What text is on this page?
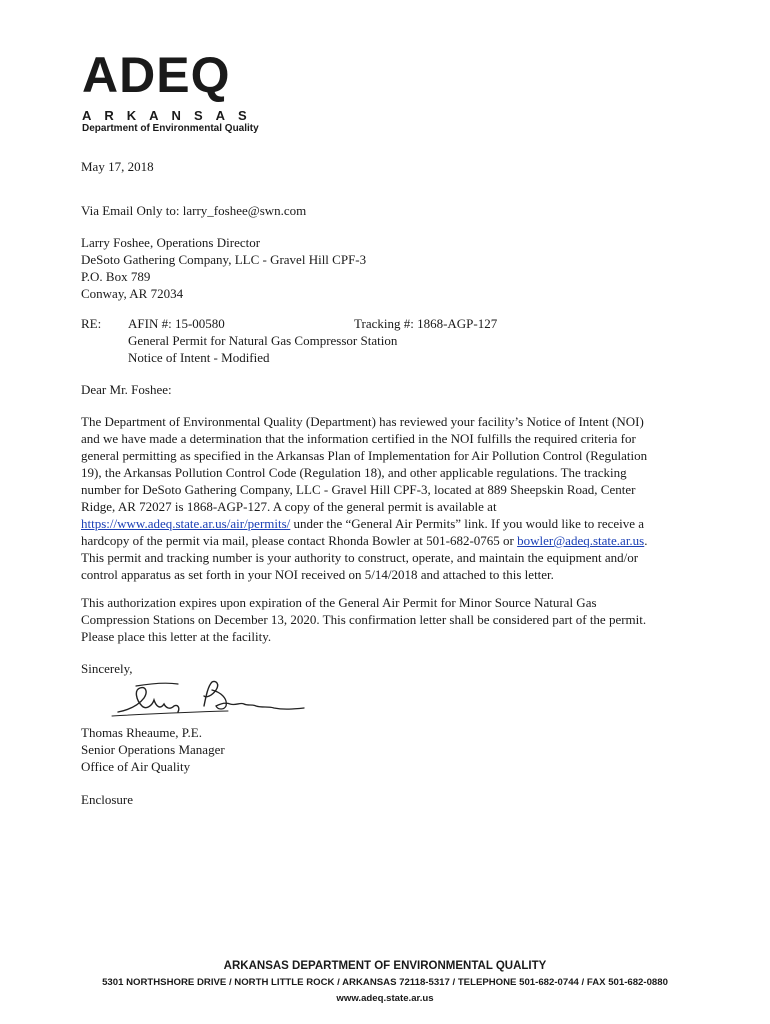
ADEQ
ARKANSAS
Department of Environmental Quality
May 17, 2018
Via Email Only to: larry_foshee@swn.com
Larry Foshee, Operations Director
DeSoto Gathering Company, LLC - Gravel Hill CPF-3
P.O. Box 789
Conway, AR 72034
RE: AFIN #: 15-00580	Tracking #: 1868-AGP-127
General Permit for Natural Gas Compressor Station
Notice of Intent - Modified
Dear Mr. Foshee:
The Department of Environmental Quality (Department) has reviewed your facility’s Notice of Intent (NOI)
and we have made a determination that the information certified in the NOI fulfills the required criteria for
general permitting as specified in the Arkansas Plan of Implementation for Air Pollution Control (Regulation
19), the Arkansas Pollution Control Code (Regulation 18), and other applicable regulations. The tracking
number for DeSoto Gathering Company, LLC - Gravel Hill CPF-3, located at 889 Sheepskin Road, Center
Ridge, AR 72027 is 1868-AGP-127. A copy of the general permit is available at
https://www.adeq.state.ar.us/air/permits/ under the “General Air Permits” link. If you would like to receive a
hardcopy of the permit via mail, please contact Rhonda Bowler at 501-682-0765 or bowler@adeq.state.ar.us.
This permit and tracking number is your authority to construct, operate, and maintain the equipment and/or
control apparatus as set forth in your NOI received on 5/14/2018 and attached to this letter.
This authorization expires upon expiration of the General Air Permit for Minor Source Natural Gas
Compression Stations on December 13, 2020. This confirmation letter shall be considered part of the permit.
Please place this letter at the facility.
Sincerely,
Thomas Rheaume, P.E.
Senior Operations Manager
Office of Air Quality
Enclosure
ARKANSAS DEPARTMENT OF ENVIRONMENTAL QUALITY
5301 NORTHSHORE DRIVE / NORTH LITTLE ROCK / ARKANSAS 72118-5317 / TELEPHONE 501-682-0744 / FAX 501-682-0880
www.adeq.state.ar.us
